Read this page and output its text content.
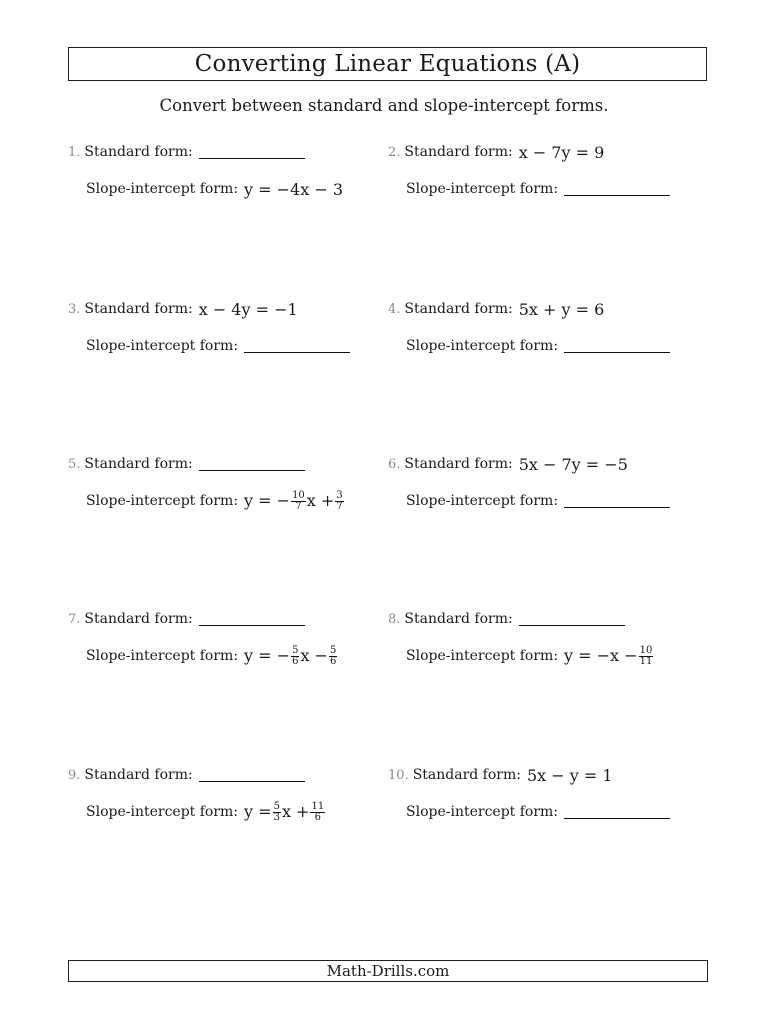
Converting Linear Equations (A)
Convert between standard and slope-intercept forms.
1. Standard form:
Slope-intercept form: y = −4x − 3
2. Standard form: x − 7y = 9
Slope-intercept form:
3. Standard form: x − 4y = −1
Slope-intercept form:
4. Standard form: 5x + y = 6
Slope-intercept form:
5. Standard form:
Slope-intercept form: y = − $\frac{10}{7}$ $x + \frac{3}{7}$
6. Standard form: 5x − 7y = −5
Slope-intercept form:
7. Standard form:
Slope-intercept form: y = − $\frac{5}{6}$ $x - \frac{5}{6}$
8. Standard form:
Slope-intercept form: $y = -x - \frac{10}{11}$
9. Standard form:
Slope-intercept form: $y = \frac{5}{3}$ $x + \frac{11}{6}$
10. Standard form: 5x − y = 1
Slope-intercept form:
Math-Drills.com
